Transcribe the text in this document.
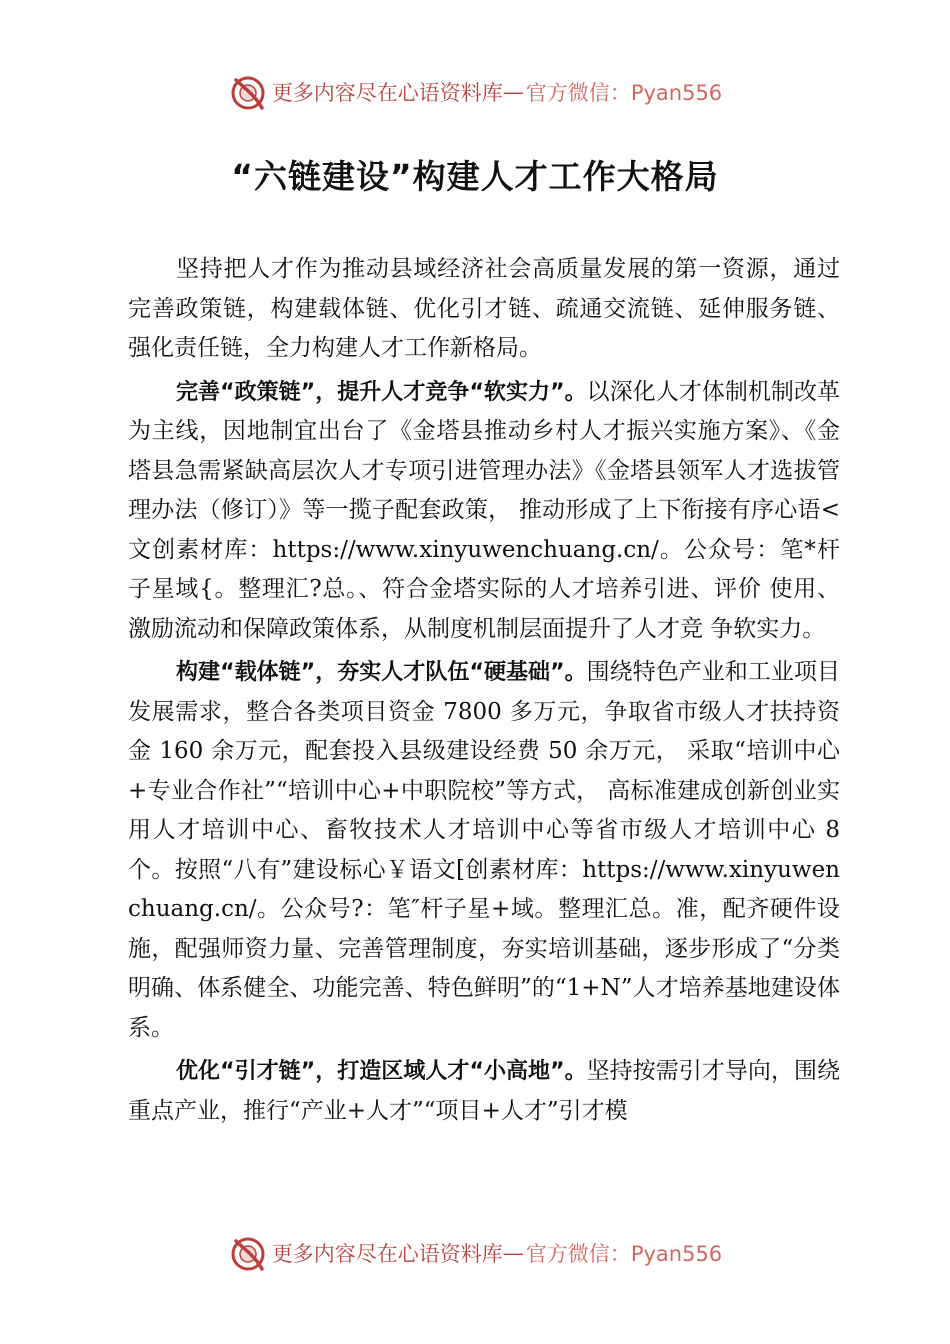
更多内容尽在心语资料库 — 官方微信：Pyan556
“六链建设”构建人才工作大格局

坚持把人才作为推动县域经济社会高质量发展的第一资源，通过完善政策链，构建载体链、优化引才链、疏通交流链、延伸服务链、强化责任链，全力构建人才工作新格局。

完善“政策链”，提升人才竞争“软实力”。以深化人才体制机制改革为主线，因地制宜出台了《金塔县推动乡村人才振兴实施方案》、《金塔县急需紧缺高层次人才专项引进管理办法》《金塔县领军人才选拔管理办法（修订）》等一揽子配套政策， 推动形成了上下衔接有序心语<文创素材库：https://www.xinyuwenchuang.cn/。公众号：笔*杆子星域{。整理汇?总。、符合金塔实际的人才培养引进、评价 使用、激励流动和保障政策体系，从制度机制层面提升了人才竞 争软实力。

构建“载体链”，夯实人才队伍“硬基础”。围绕特色产业和工业项目发展需求，整合各类项目资金 7800 多万元，争取省市级人才扶持资金 160 余万元，配套投入县级建设经费 50 余万元， 采取“培训中心+专业合作社”“培训中心+中职院校”等方式， 高标准建成创新创业实用人才培训中心、畜牧技术人才培训中心等省市级人才培训中心 8 个。按照“八有”建设标心￥语文[创素材库：https://www.xinyuwenchuang.cn/。公众号?：笔″杆子星+域。整理汇总。准，配齐硬件设施，配强师资力量、完善管理制度，夯实培训基础，逐步形成了“分类明确、体系健全、功能完善、特色鲜明”的“1+N”人才培养基地建设体系。

优化“引才链”，打造区域人才“小高地”。坚持按需引才导向，围绕重点产业，推行“产业+人才”“项目+人才”引才模

更多内容尽在心语资料库 — 官方微信：Pyan556
